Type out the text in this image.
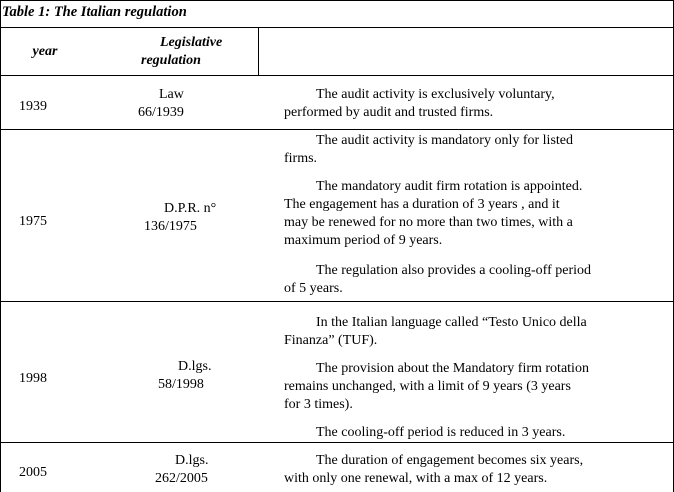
Table 1: The Italian regulation
year
Legislative
regulation
1939
Law
66/1939
The audit activity is exclusively voluntary,
performed by audit and trusted firms.
1975
D.P.R. n°
136/1975
The audit activity is mandatory only for listed
firms.
The mandatory audit firm rotation is appointed.
The engagement has a duration of 3 years , and it
may be renewed for no more than two times, with a
maximum period of 9 years.
The regulation also provides a cooling-off period
of 5 years.
1998
D.lgs.
58/1998
In the Italian language called “Testo Unico della
Finanza” (TUF).
The provision about the Mandatory firm rotation
remains unchanged, with a limit of 9 years (3 years
for 3 times).
The cooling-off period is reduced in 3 years.
2005
D.lgs.
262/2005
The duration of engagement becomes six years,
with only one renewal, with a max of 12 years.
